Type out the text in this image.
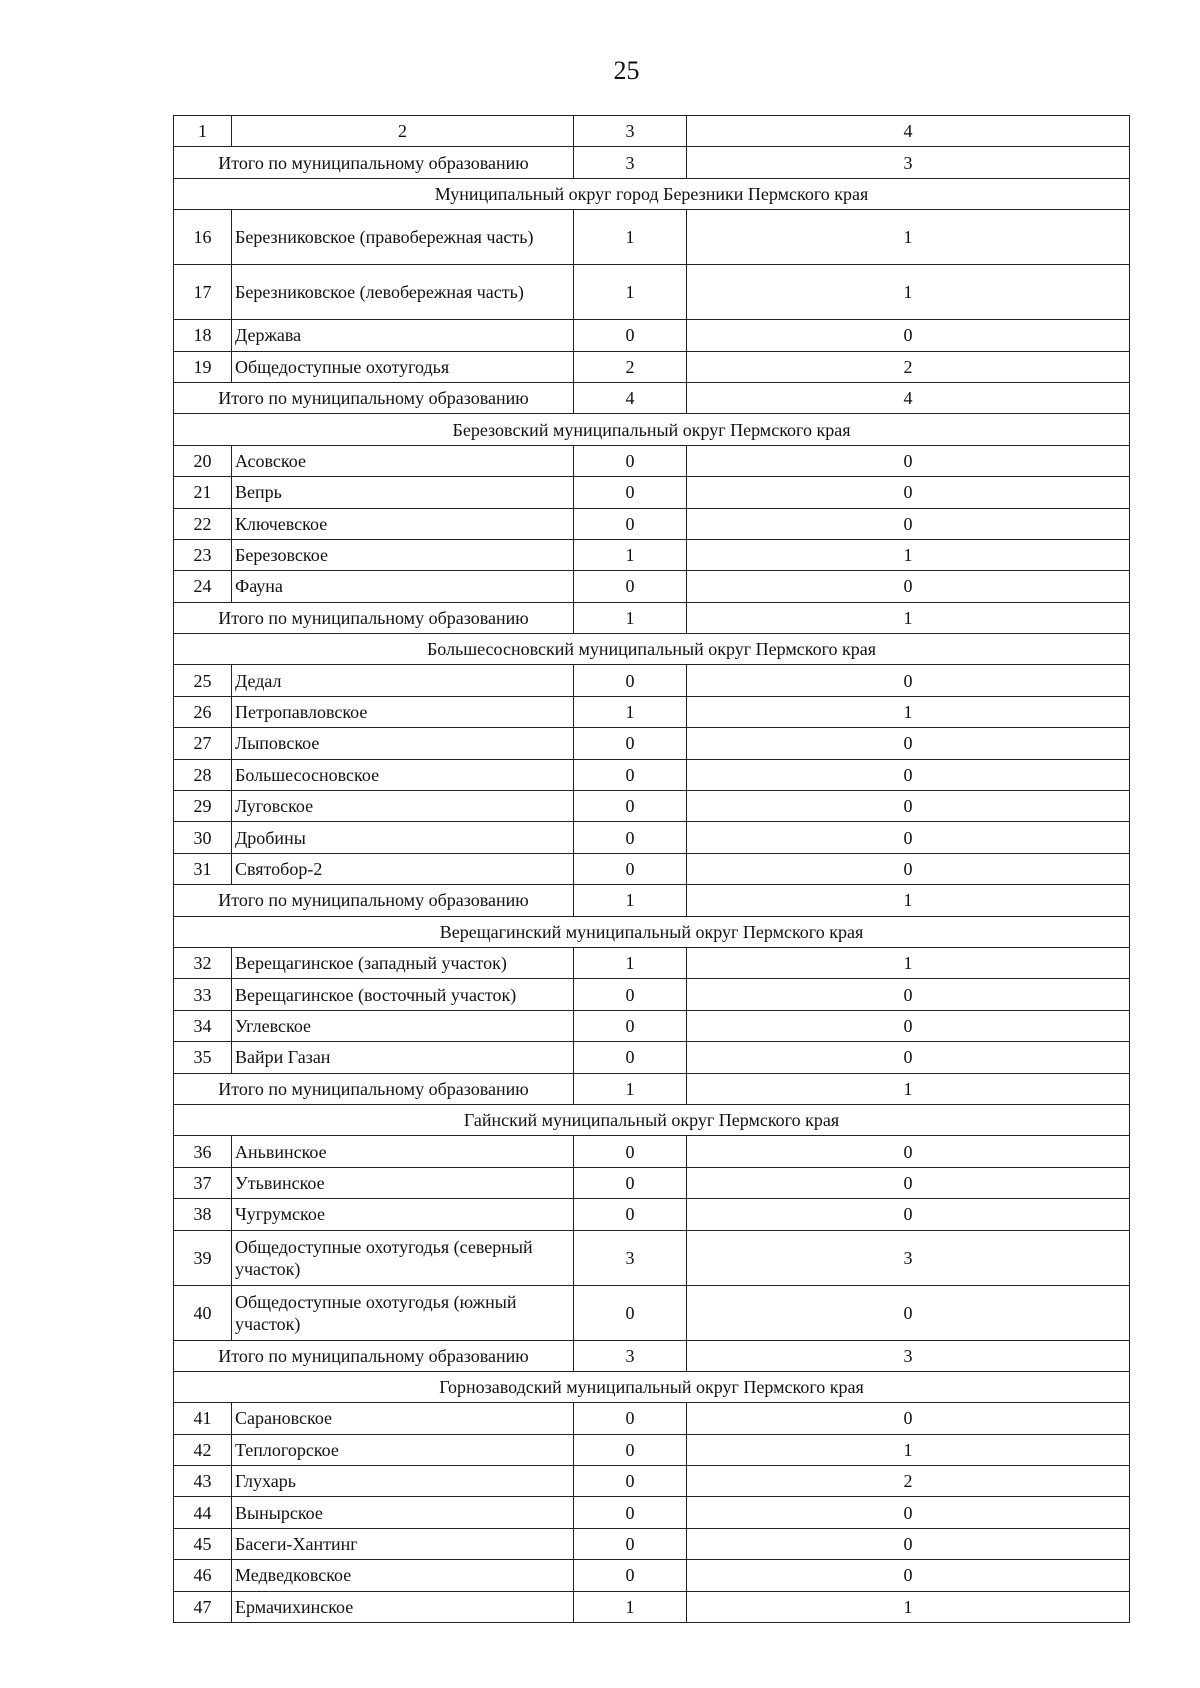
25
1	2	3	4
Итого по муниципальному образованию		3	3
Муниципальный округ город Березники Пермского края			
16	Березниковское (правобережная часть)	1	1
17	Березниковское (левобережная часть)	1	1
18	Держава	0	0
19	Общедоступные охотугодья	2	2
Итого по муниципальному образованию		4	4
Березовский муниципальный округ Пермского края			
20	Асовское	0	0
21	Вепрь	0	0
22	Ключевское	0	0
23	Березовское	1	1
24	Фауна	0	0
Итого по муниципальному образованию		1	1
Большесосновский муниципальный округ Пермского края			
25	Дедал	0	0
26	Петропавловское	1	1
27	Лыповское	0	0
28	Большесосновское	0	0
29	Луговское	0	0
30	Дробины	0	0
31	Святобор-2	0	0
Итого по муниципальному образованию		1	1
Верещагинский муниципальный округ Пермского края			
32	Верещагинское (западный участок)	1	1
33	Верещагинское (восточный участок)	0	0
34	Углевское	0	0
35	Вайри Газан	0	0
Итого по муниципальному образованию		1	1
Гайнский муниципальный округ Пермского края			
36	Аньвинское	0	0
37	Утьвинское	0	0
38	Чугрумское	0	0
39	Общедоступные охотугодья (северный участок)	3	3
40	Общедоступные охотугодья (южный участок)	0	0
Итого по муниципальному образованию		3	3
Горнозаводский муниципальный округ Пермского края			
41	Сарановское	0	0
42	Теплогорское	0	1
43	Глухарь	0	2
44	Вынырское	0	0
45	Басеги-Хантинг	0	0
46	Медведковское	0	0
47	Ермачихинское	1	1
